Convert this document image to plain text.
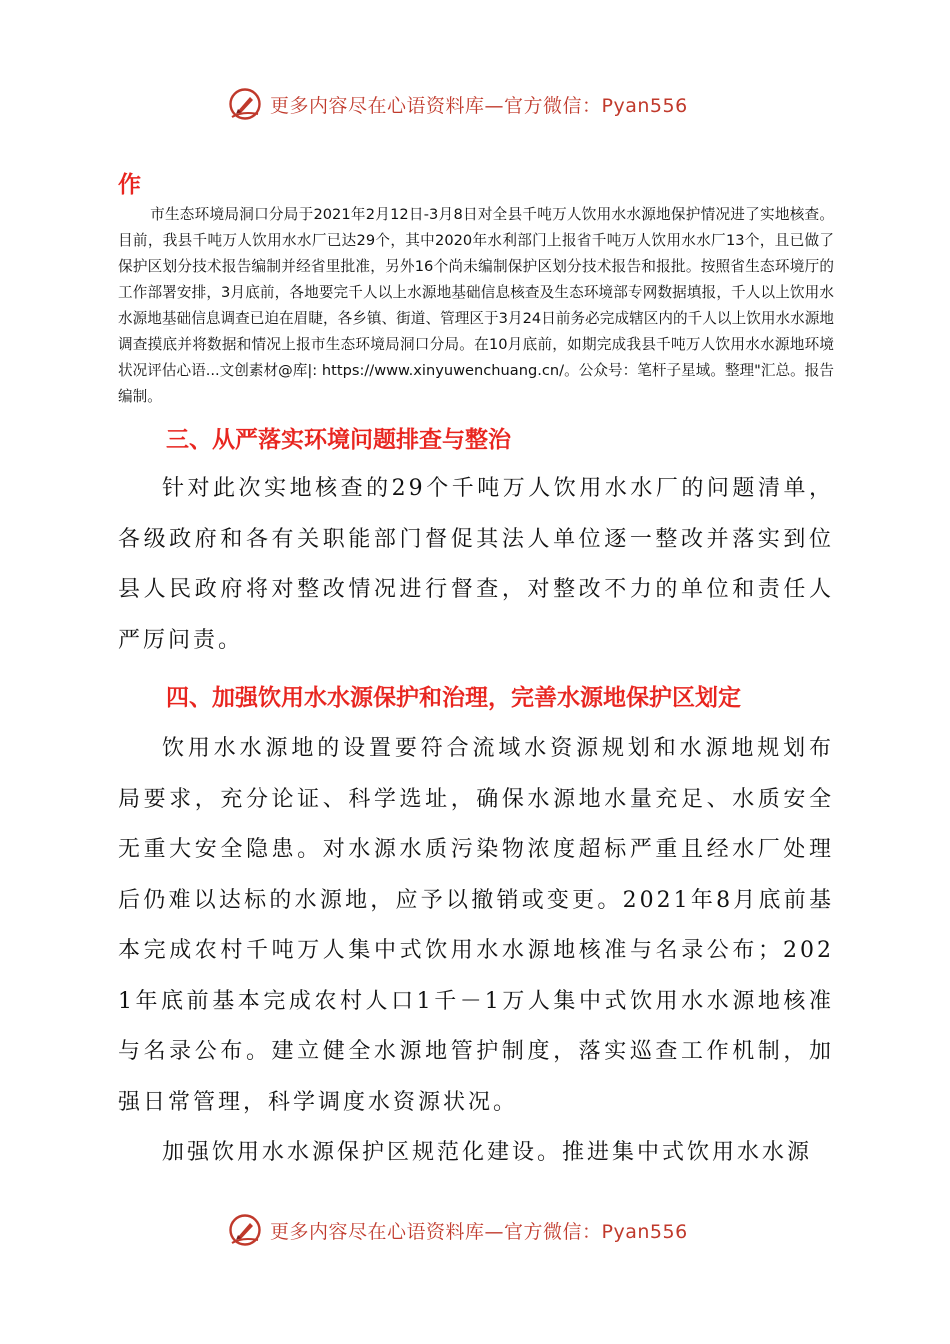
更多内容尽在心语资料库—官方微信：Pyan556

作

市生态环境局洞口分局于2021年2月12日-3月8日对全县千吨万人饮用水水源地保护情况进了实地核查。目前，我县千吨万人饮用水水厂已达29个，其中2020年水利部门上报省千吨万人饮用水水厂13个，且已做了保护区划分技术报告编制并经省里批准，另外16个尚未编制保护区划分技术报告和报批。按照省生态环境厅的工作部署安排，3月底前，各地要完千人以上水源地基础信息核查及生态环境部专网数据填报，千人以上饮用水水源地基础信息调查已迫在眉睫，各乡镇、街道、管理区于3月24日前务必完成辖区内的千人以上饮用水水源地调查摸底并将数据和情况上报市生态环境局洞口分局。在10月底前，如期完成我县千吨万人饮用水水源地环境状况评估心语...文创素材@库|: https://www.xinyuwenchuang.cn/。公众号：笔杆子星域。整理"汇总。报告编制。

三、从严落实环境问题排查与整治

针对此次实地核查的29个千吨万人饮用水水厂的问题清单，各级政府和各有关职能部门督促其法人单位逐一整改并落实到位县人民政府将对整改情况进行督查，对整改不力的单位和责任人严厉问责。

四、加强饮用水水源保护和治理，完善水源地保护区划定

饮用水水源地的设置要符合流域水资源规划和水源地规划布局要求，充分论证、科学选址，确保水源地水量充足、水质安全无重大安全隐患。对水源水质污染物浓度超标严重且经水厂处理后仍难以达标的水源地，应予以撤销或变更。2021年8月底前基本完成农村千吨万人集中式饮用水水源地核准与名录公布；2021年底前基本完成农村人口1千－1万人集中式饮用水水源地核准与名录公布。建立健全水源地管护制度，落实巡查工作机制，加强日常管理，科学调度水资源状况。

加强饮用水水源保护区规范化建设。推进集中式饮用水水源

更多内容尽在心语资料库—官方微信：Pyan556
